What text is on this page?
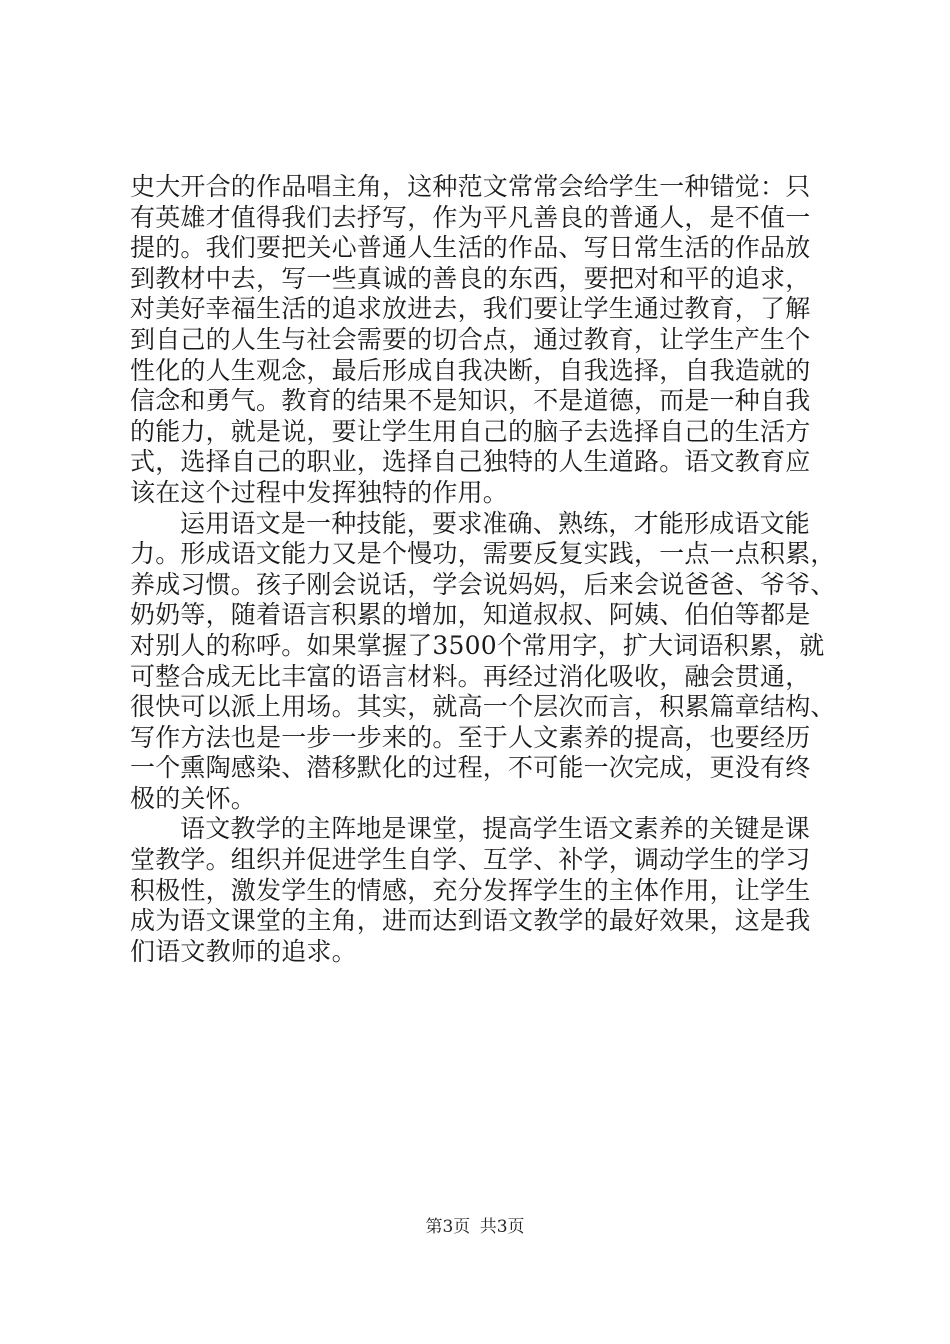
史大开合的作品唱主角，这种范文常常会给学生一种错觉：只
有英雄才值得我们去抒写，作为平凡善良的普通人，是不值一
提的。我们要把关心普通人生活的作品、写日常生活的作品放
到教材中去，写一些真诚的善良的东西，要把对和平的追求，
对美好幸福生活的追求放进去，我们要让学生通过教育，了解
到自己的人生与社会需要的切合点，通过教育，让学生产生个
性化的人生观念，最后形成自我决断，自我选择，自我造就的
信念和勇气。教育的结果不是知识，不是道德，而是一种自我
的能力，就是说，要让学生用自己的脑子去选择自己的生活方
式，选择自己的职业，选择自己独特的人生道路。语文教育应
该在这个过程中发挥独特的作用。
运用语文是一种技能，要求准确、熟练，才能形成语文能
力。形成语文能力又是个慢功，需要反复实践，一点一点积累，
养成习惯。孩子刚会说话，学会说妈妈，后来会说爸爸、爷爷、
奶奶等，随着语言积累的增加，知道叔叔、阿姨、伯伯等都是
对别人的称呼。如果掌握了3500个常用字，扩大词语积累，就
可整合成无比丰富的语言材料。再经过消化吸收，融会贯通，
很快可以派上用场。其实，就高一个层次而言，积累篇章结构、
写作方法也是一步一步来的。至于人文素养的提高，也要经历
一个熏陶感染、潜移默化的过程，不可能一次完成，更没有终
极的关怀。
语文教学的主阵地是课堂，提高学生语文素养的关键是课
堂教学。组织并促进学生自学、互学、补学，调动学生的学习
积极性，激发学生的情感，充分发挥学生的主体作用，让学生
成为语文课堂的主角，进而达到语文教学的最好效果，这是我
们语文教师的追求。
第3页 共3页
